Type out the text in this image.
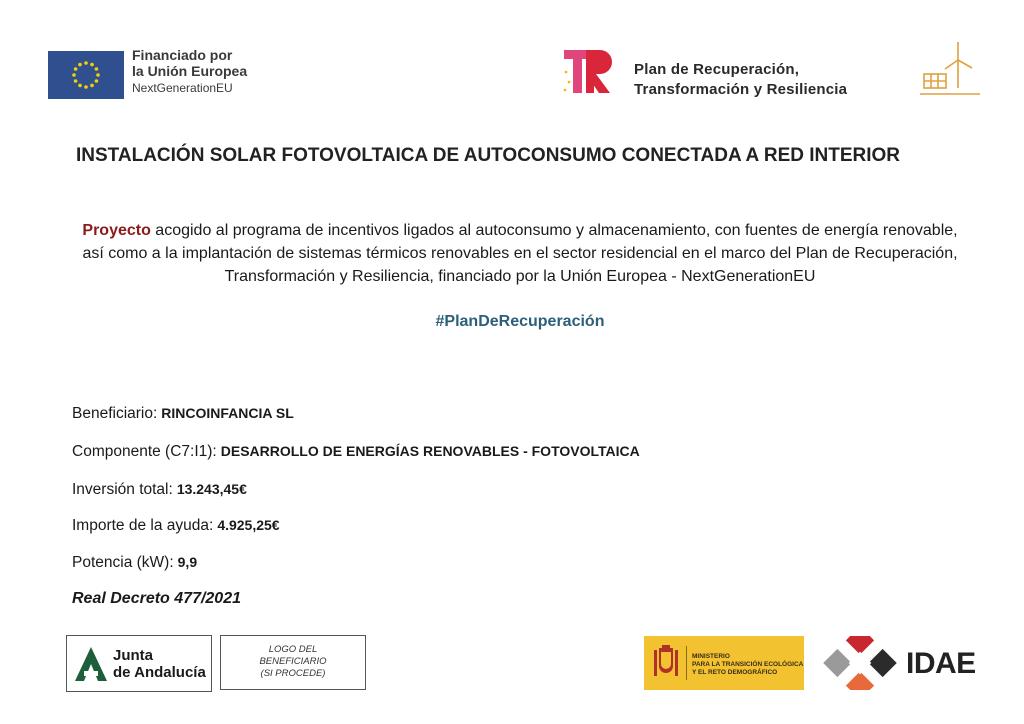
Financiado por
la Unión Europea
NextGenerationEU
Plan de Recuperación,
Transformación y Resiliencia
INSTALACIÓN SOLAR FOTOVOLTAICA DE AUTOCONSUMO CONECTADA A RED INTERIOR
Proyecto acogido al programa de incentivos ligados al autoconsumo y almacenamiento, con fuentes de energía renovable, así como a la implantación de sistemas térmicos renovables en el sector residencial en el marco del Plan de Recuperación, Transformación y Resiliencia, financiado por la Unión Europea - NextGenerationEU
#PlanDeRecuperación
Beneficiario: RINCOINFANCIA SL
Componente (C7:I1): DESARROLLO DE ENERGÍAS RENOVABLES - FOTOVOLTAICA
Inversión total: 13.243,45€
Importe de la ayuda: 4.925,25€
Potencia (kW): 9,9
Real Decreto 477/2021
Junta
de Andalucía
LOGO DEL
BENEFICIARIO
(SI PROCEDE)
MINISTERIO
PARA LA TRANSICIÓN ECOLÓGICA
Y EL RETO DEMOGRÁFICO	IDAE
